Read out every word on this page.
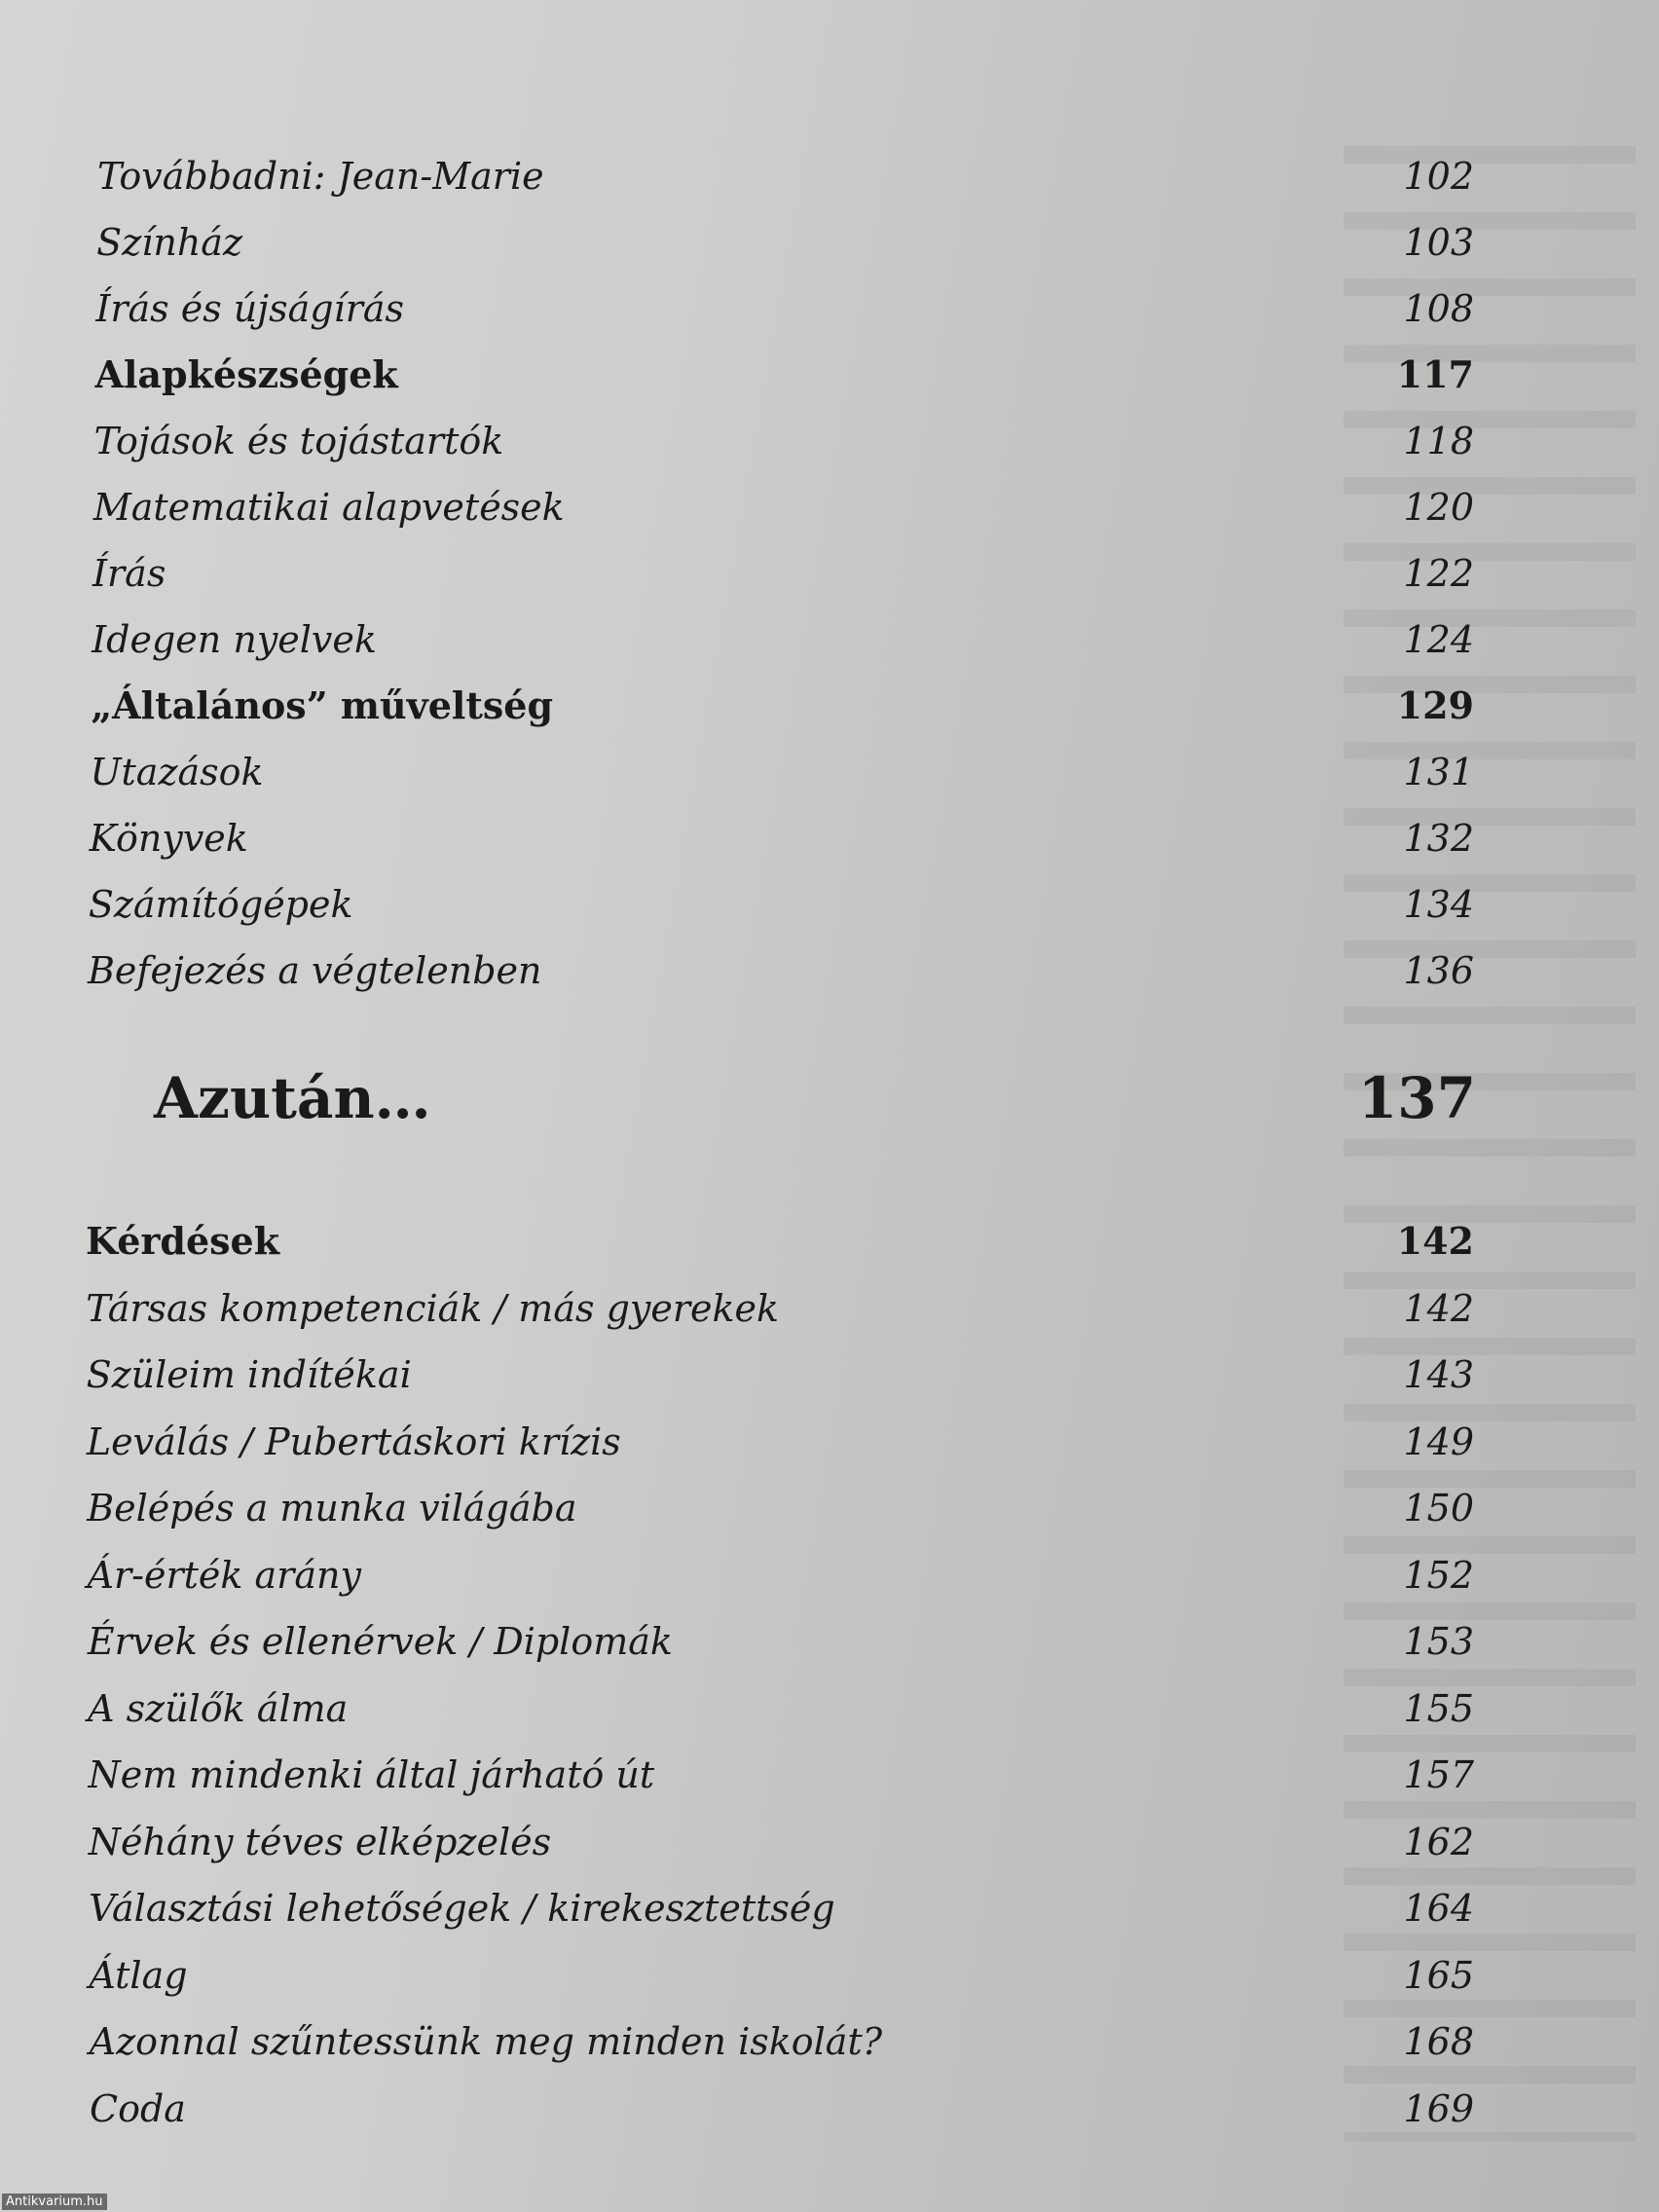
Továbbadni: Jean-Marie	102
Színház	103
Írás és újságírás	108
Alapkészségek	117
Tojások és tojástartók	118
Matematikai alapvetések	120
Írás	122
Idegen nyelvek	124
„Általános” műveltség	129
Utazások	131
Könyvek	132
Számítógépek	134
Befejezés a végtelenben	136
Azután…	137
Kérdések	142
Társas kompetenciák / más gyerekek	142
Szüleim indítékai	143
Leválás / Pubertáskori krízis	149
Belépés a munka világába	150
Ár-érték arány	152
Érvek és ellenérvek / Diplomák	153
A szülők álma	155
Nem mindenki által járható út	157
Néhány téves elképzelés	162
Választási lehetőségek / kirekesztettség	164
Átlag	165
Azonnal szűntessünk meg minden iskolát?	168
Coda	169
Antikvarium.hu
